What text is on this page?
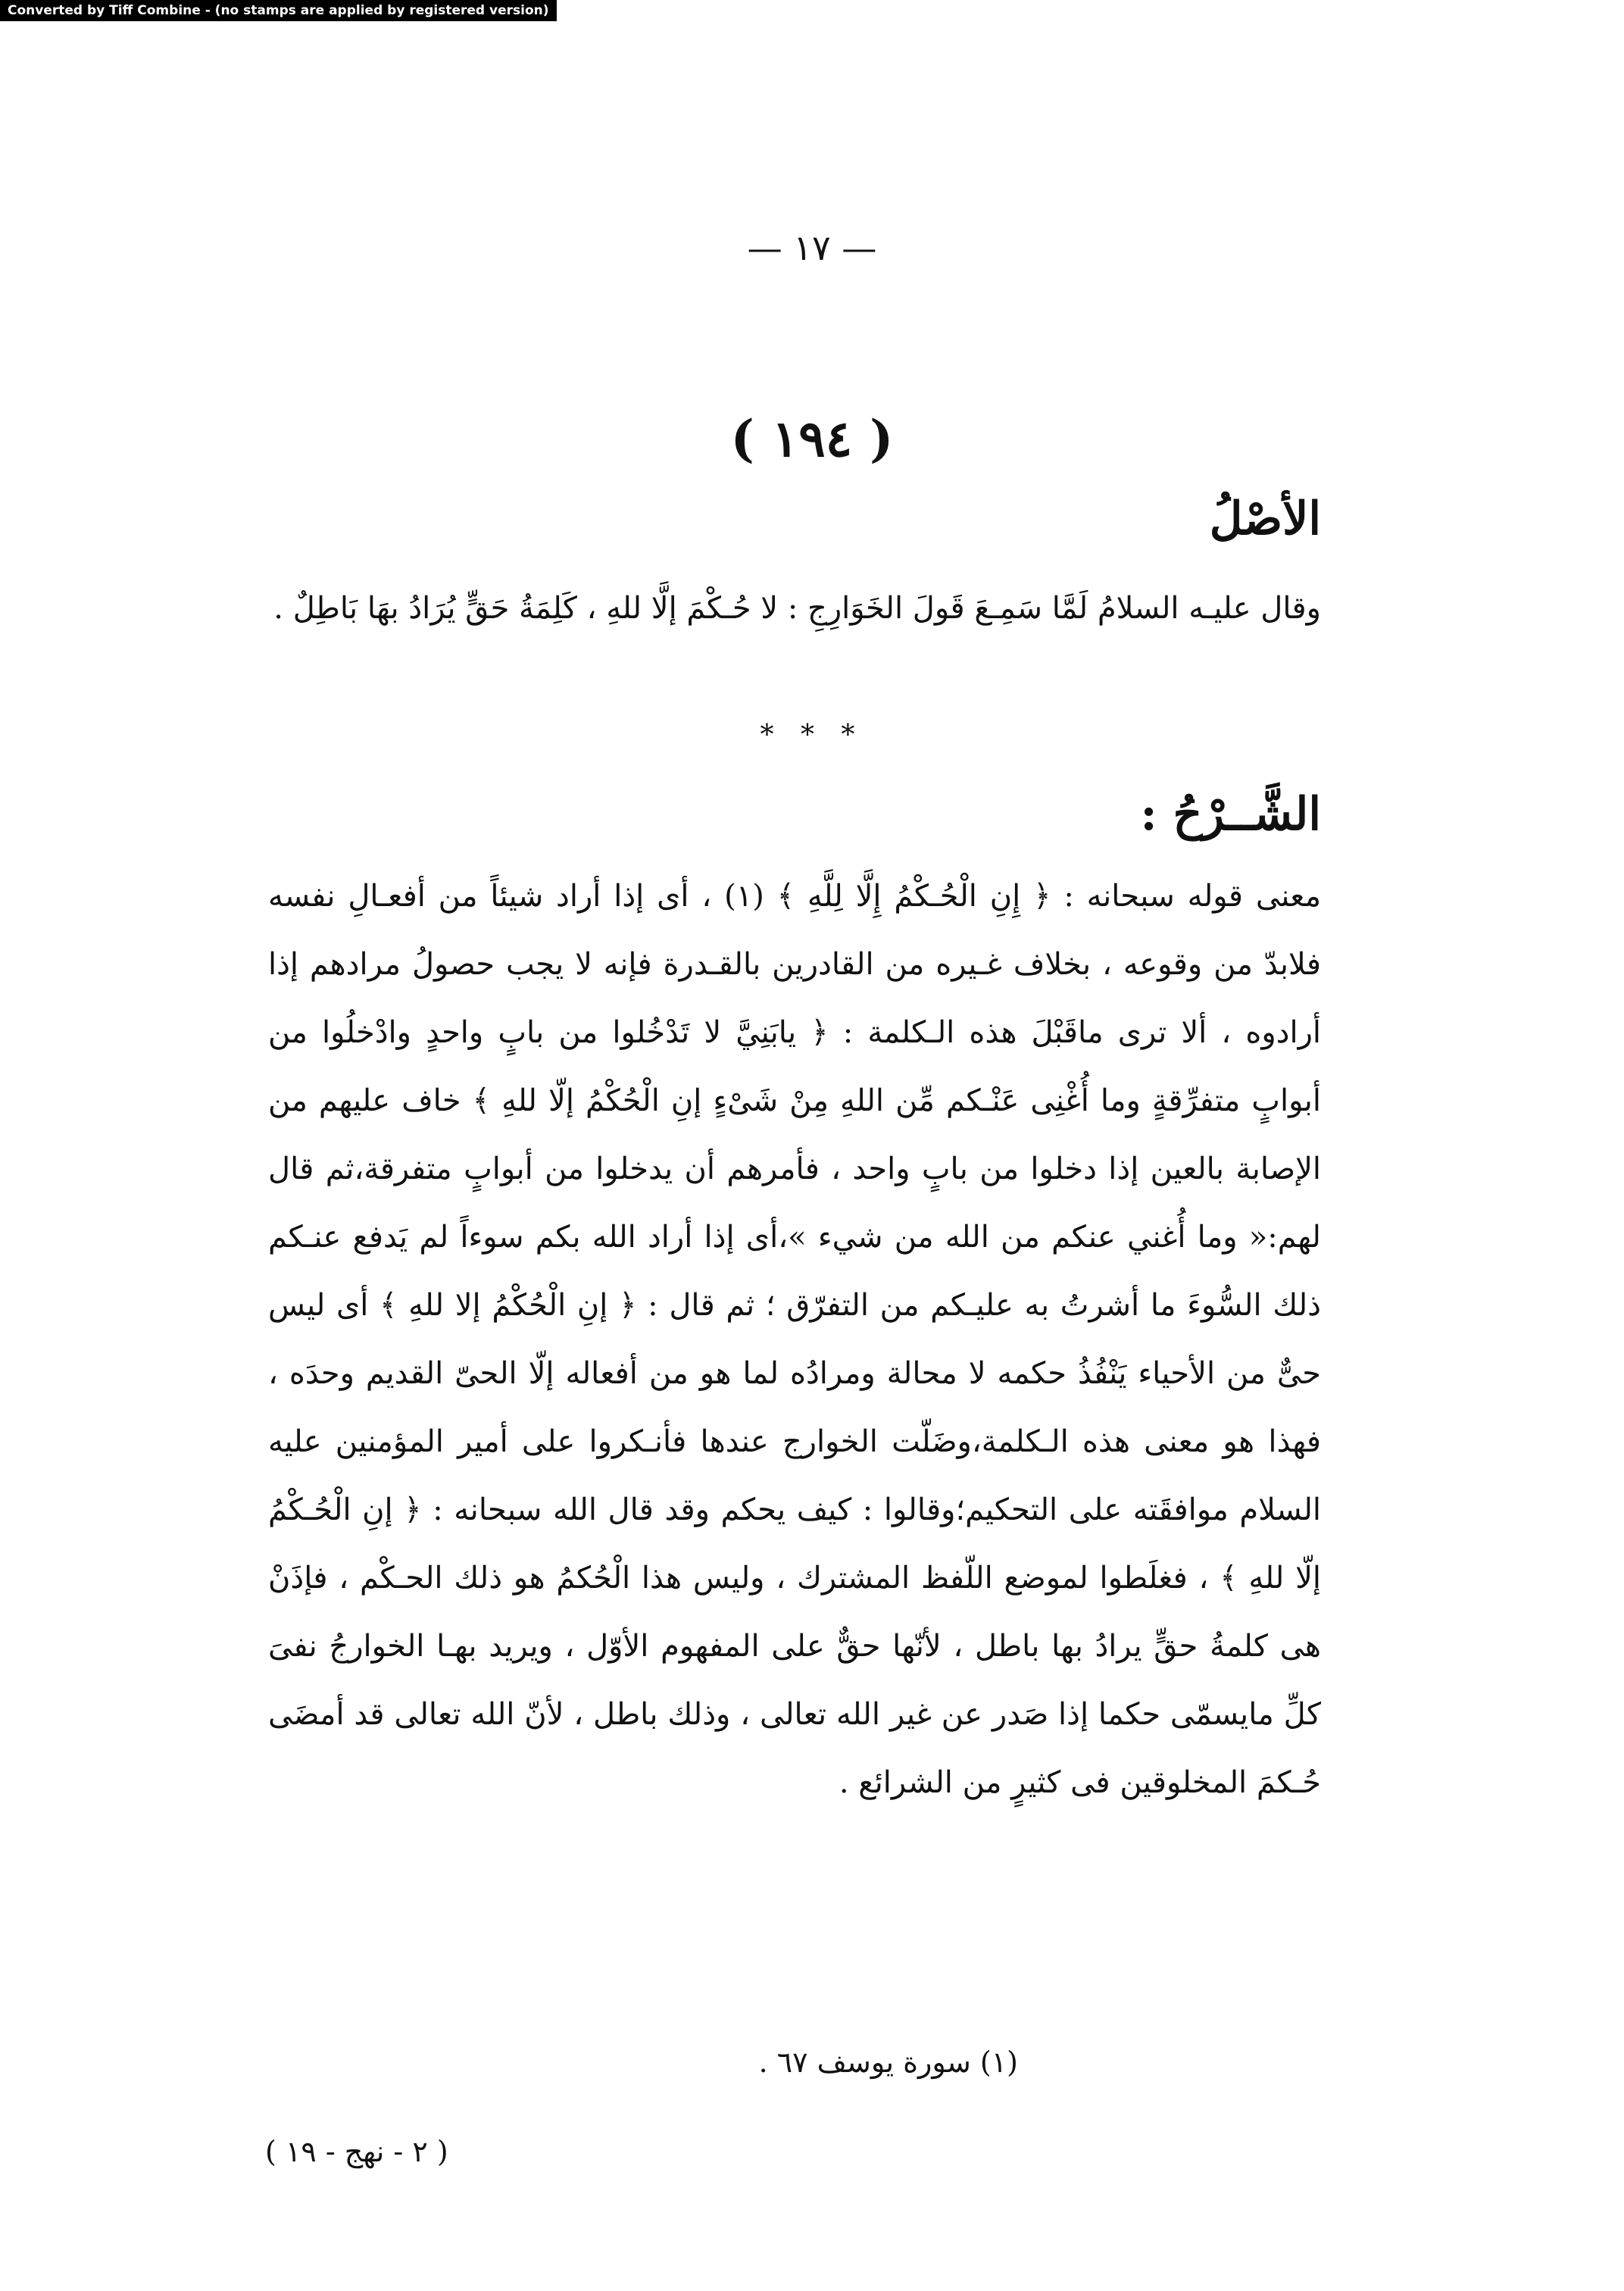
Converted by Tiff Combine - (no stamps are applied by registered version)
— ١٧ —
( ١٩٤ )
الأصْلُ
وقال عليـه السلامُ لَمَّا سَمِـعَ قَولَ الخَوَارِجِ : لا حُـكْمَ إلَّا للهِ ، كَلِمَةُ حَقٍّ يُرَادُ بهَا بَاطِلٌ .
* * *
الشَّــرْحُ :
معنى قوله سبحانه : ﴿ إِنِ الْحُـكْمُ إِلَّا لِلَّهِ ﴾ (١) ، أى إذا أراد شيئاً من أفعـالِ نفسه فلابدّ من وقوعه ، بخلاف غـيره من القادرين بالقـدرة فإنه لا يجب حصولُ مرادهم إذا أرادوه ، ألا ترى ماقَبْلَ هذه الـكلمة : ﴿ يابَنِيَّ لا تَدْخُلوا من بابٍ واحدٍ وادْخلُوا من أبوابٍ متفرِّقةٍ وما أُغْنِى عَنْـكم مِّن اللهِ مِنْ شَىْءٍ إنِ الْحُكْمُ إلّا للهِ ﴾ خاف عليهم من الإصابة بالعين إذا دخلوا من بابٍ واحد ، فأمرهم أن يدخلوا من أبوابٍ متفرقة،ثم قال لهم:« وما أُغني عنكم من الله من شيء »،أى إذا أراد الله بكم سوءاً لم يَدفع عنـكم ذلك السُّوءَ ما أشرتُ به عليـكم من التفرّق ؛ ثم قال : ﴿ إنِ الْحُكْمُ إلا للهِ ﴾ أى ليس حىٌّ من الأحياء يَنْفُذُ حكمه لا محالة ومرادُه لما هو من أفعاله إلّا الحىّ القديم وحدَه ، فهذا هو معنى هذه الـكلمة،وضَلّت الخوارج عندها فأنـكروا على أمير المؤمنين عليه السلام موافقَته على التحكيم؛وقالوا : كيف يحكم وقد قال الله سبحانه : ﴿ إنِ الْحُـكْمُ إلّا للهِ ﴾ ، فغلَطوا لموضع اللّفظ المشترك ، وليس هذا الْحُكمُ هو ذلك الحـكْم ، فإذَنْ هى كلمةُ حقٍّ يرادُ بها باطل ، لأنّها حقٌّ على المفهوم الأوّل ، ويريد بهـا الخوارجُ نفىَ كلِّ مايسمّى حكما إذا صَدر عن غير الله تعالى ، وذلك باطل ، لأنّ الله تعالى قد أمضَى حُـكمَ المخلوقين فى كثيرٍ من الشرائع .
(١) سورة يوسف ٦٧ .
( ٢ - نهج - ١٩ )
